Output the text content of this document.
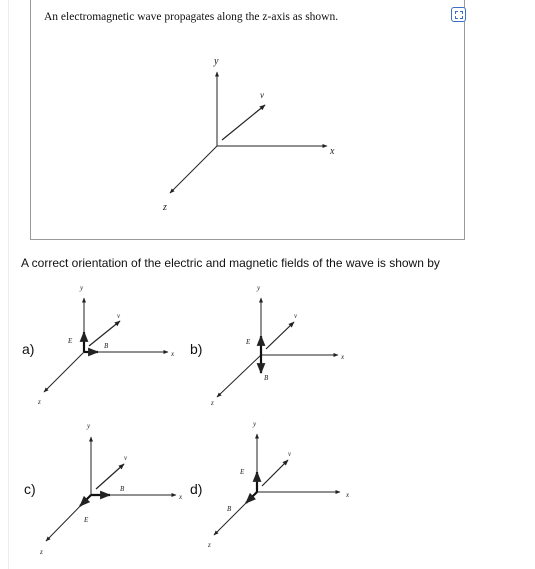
An electromagnetic wave propagates along the z-axis as shown.
A correct orientation of the electric and magnetic fields of the wave is shown by
a)	b)
c)	d)
y
x
z
v
y
x
z
v
E
B
y
x
z
v
E
B
y
x
z
v
B
E
y
x
z
v
E
B
